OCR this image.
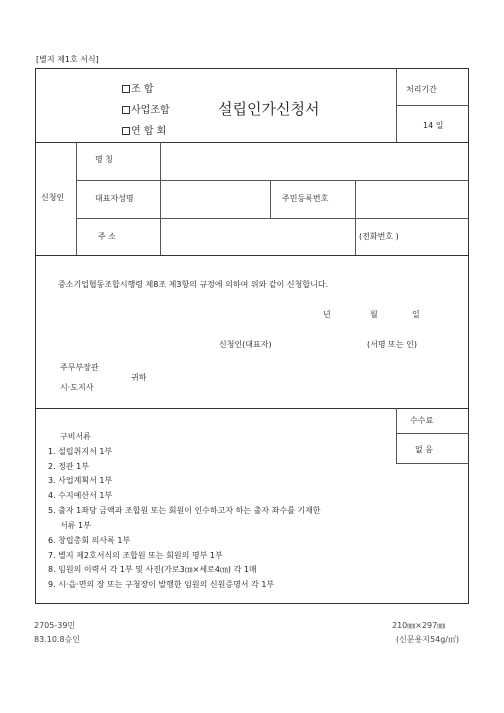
[별지 제1호 서식]
조 합
사업조합
연 합 회
설립인가신청서
처리기간
14 일
신청인
명 칭
대표자성명	주민등록번호
주 소	(전화번호 )
중소기업협동조합시행령 제8조 제3항의 규정에 의하여 위와 같이 신청합니다.
년	월	일
신청인(대표자)	(서명 또는 인)
주무부장관
시·도지사
귀하
수수료
없 음
구비서류
1. 설립취지서 1부
2. 정관 1부
3. 사업계획서 1부
4. 수지예산서 1부
5. 출자 1좌당 금액과 조합원 또는 회원이 인수하고자 하는 출자 좌수를 기재한
서류 1부
6. 창립총회 의사록 1부
7. 별지 제2호서식의 조합원 또는 회원의 명부 1부
8. 임원의 이력서 각 1부 및 사진(가로3㎝×세로4㎝) 각 1매
9. 시·읍·면의 장 또는 구청장이 발행한 임원의 신원증명서 각 1부
2705-39민
83.10.8승인
210㎜×297㎜
(신문용지54g/㎡)
